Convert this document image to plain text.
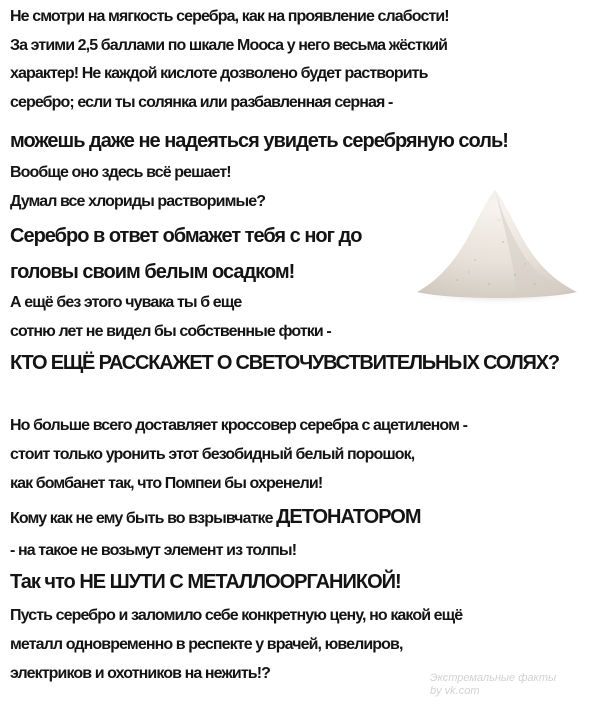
Не смотри на мягкость серебра, как на проявление слабости!

За этими 2,5 баллами по шкале Мооса у него весьма жёсткий

характер! Не каждой кислоте дозволено будет растворить

серебро; если ты солянка или разбавленная серная -

можешь даже не надеяться увидеть серебряную соль!

Вообще оно здесь всё решает!

Думал все хлориды растворимые?

Серебро в ответ обмажет тебя с ног до

головы своим белым осадком!

А ещё без этого чувака ты б еще

сотню лет не видел бы собственные фотки -

КТО ЕЩЁ РАССКАЖЕТ О СВЕТОЧУВСТВИТЕЛЬНЫХ СОЛЯХ?

Но больше всего доставляет кроссовер серебра с ацетиленом -

стоит только уронить этот безобидный белый порошок,

как бомбанет так, что Помпеи бы охренели!

Кому как не ему быть во взрывчатке ДЕТОНАТОРОМ

- на такое не возьмут элемент из толпы!

Так что НЕ ШУТИ С МЕТАЛЛООРГАНИКОЙ!

Пусть серебро и заломило себе конкретную цену, но какой ещё

металл одновременно в респекте у врачей, ювелиров,

электриков и охотников на нежить!?	Экстремальные факты
by vk.com
